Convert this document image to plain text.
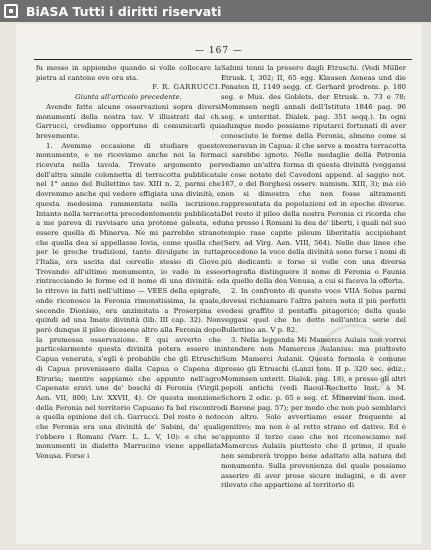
BiASA Tutti i diritti riservati
— 167 —

fu messo in appiombo quando si volle collocare la pietra al cantone ove ora sta.

F. R. GARRUCCI.

Giunta all'articolo precedente.

Avendo fatte alcune osservazioni sopra diversi monumenti della nostra tav. V illustrati dal ch. Garrucci, crediamo opportuno di comunicarli qui brevemente.

1. Avemmo occasione di studiare questo monumento, e ne riceviamo anche noi la ferma ricevuta nella tavola. Trovato argomento per dell'altra simile colonnetta di terracotta pubblicata nel 1° anno del Bullettino tav. XIII n. 2, parmi che dovremmo anche qui vedere effigiata una divinità, e questa medesima rammentata nella iscrizione. Intanto nella terracotta precedentemente pubblicata a me pareva di ravvisare una protome galeata, ed essere quella di Minerva. Ne mi parrebbe strano che quella dea si appellasse Iovia, come quella che per le greche tradizioni, tanto divulgate in tutta l'Italia, era uscita dal cervello stesso di Giove. Trovando all'ultimo monumento, io vado in esso rintracciando le forme ed il nome di una divinità: e lo ritrovo in fatti nell'ultimo — VEES della epigrafe, onde riconosco la Feronia rimonstissima, la quale, secondo Dionisio, era anzimitata a Proserpina e quindi ad una Imate divinità (lib. III cap. 32). Non però dunque il pileo dicesene altro alla Feronia dopo la premessa osservazione. E qui avverto che particolarmente questa divinità potera essere in Capua venerata, s'egli è probabile che gli Etruschi di Capua provenissero dalla Capua o Capena di Etruria; mentre sappiamo che appunto nell'agro Capenate eravi uno de' boschi di Feronia (Virgil. Aen. VII, 800; Liv. XXVII, 4). Or questa menzione della Feronia nel territorio Capuano fu bel riscontro a quella opinione del ch. Garrucci. Del resto è noto che Feronia era una divinità de' Sabini, da' quali l'ebbero i Romani (Varr. L. L. V, 10): e che se' monumenti in dialetto Marrucino viene appellata Venusa. Forse i

Sabini tenni la presero dagli Etruschi. (Vedi Müller Etrusk. I, 302; II, 65 egg. Klausen Aeneas und die Penaten II, 1149 segg. cf. Gerhard prodrom. p. 180 seg. e Mus. des Goblets. der Etrusk. n. 73 e 78; Mommsen negli annali dell'Istituto 1846 pag. 96 seg. e unteritat. Dialek. pag. 351 seqq.). In ogni adunque modo possiamo riputarci fortunati di aver conosciuto le forme della Feronia, almeno come si veneravan in Capua: il che serve a mostra terracotta ci sarebbe ignoto. Nelle medaglie della Petronia vediamo un'altra forma di questa divinità (veggansi le cose notate del Cavedoni append. al saggio not. 167, e del Borghesi osserv. numism. XIII, 3); ma ciò non si dimostra che non fosse altramenti rappresentata da popolazioni ed in epoche diverse. Del resto il pileo della nostra Feronia ci ricorda che una presso i Romani la dea de' liberti, i quali nel suo tempio rase capite pileum liberitatis accipiebant (Serv. ad Virg. Aen. VIII, 564). Nelle due linee che precedono la voce della divinità sono forse i nomi di più dedicanti: e forse si volle con una diversa ortografia distinguere il nome di Feronia o Faunia da quello della dea Venusa, a cui si faceva la offerta.

2. In confronto di questo voce VIIA Solus parmi dovessi richiamare l'altra patera nota il più perfetti vedesi graffito il pentaffa pitagorico; della quale veggasi quel che ho detto nell'antica serie del Bullettino an. V p. 82.

3. Nella leggenda Mi Mamercs Aulais non vorrei intendere non Mamercus Aulanius: ma piuttosto Sum Mamerci Aulanii. Questa formola è comune presso gli Etruschi (Lanzi tom. II p. 320 sec. ediz.; Mommsen unterit. Dialek. pag. 18), e presso gli altri popoli antichi (vedi Raoul-Rochette Inst. à M. Schorn 2 edic. p. 65 e seg. cf. Minervini mon. ined. di Barone pag. 57); per modo che non può semblarci con altro. Solo avvertiamo esser frequente al genitivo; ma non è al retto strano ed dativo. Ed è appunto il terzo caso che noi riconosciamo nel Mamercus Aulaiis piuttosto che il primo, il quale non sembrerà troppo bene adattato alla natura del monumento. Sulla provenienza del quale possiamo asserire di aver prese sicure indagini, e di aver rilevato che appartiene al territorio di
